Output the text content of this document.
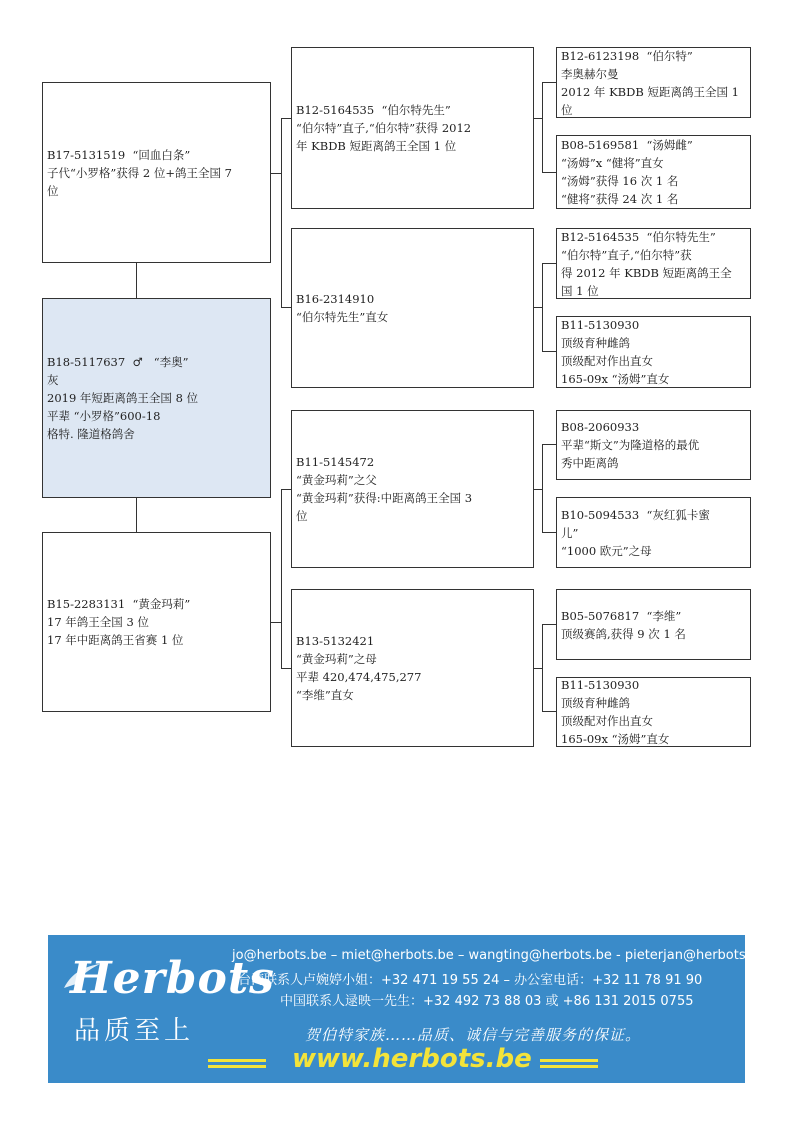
B17-5131519  “回血白条”
子代“小罗格”获得 2 位+鸽王全国 7
位
B18-5117637  ♂   “李奥”
灰
2019 年短距离鸽王全国 8 位
平辈 “小罗格”600-18
格特. 隆道格鸽舍
B15-2283131  “黄金玛莉”
17 年鸽王全国 3 位
17 年中距离鸽王省赛 1 位
B12-5164535  “伯尔特先生”
“伯尔特”直子,“伯尔特”获得 2012
年 KBDB 短距离鸽王全国 1 位
B16-2314910
“伯尔特先生”直女
B11-5145472
“黄金玛莉”之父
“黄金玛莉”获得:中距离鸽王全国 3
位
B13-5132421
“黄金玛莉”之母
平辈 420,474,475,277
“李维”直女
B12-6123198  “伯尔特”
李奥赫尔曼
2012 年 KBDB 短距离鸽王全国 1
位
B08-5169581  “汤姆雌”
“汤姆”x “健将”直女
“汤姆”获得 16 次 1 名
“健将”获得 24 次 1 名
B12-5164535  “伯尔特先生”
“伯尔特”直子,“伯尔特”获
得 2012 年 KBDB 短距离鸽王全
国 1 位
B11-5130930
顶级育种雌鸽
顶级配对作出直女
165-09x “汤姆”直女
B08-2060933
平辈“斯文”为隆道格的最优
秀中距离鸽
B10-5094533  “灰红狐卡蜜
儿”
“1000 欧元”之母
B05-5076817  “李维”
顶级赛鸽,获得 9 次 1 名
B11-5130930
顶级育种雌鸽
顶级配对作出直女
165-09x “汤姆”直女
Herbots
品质至上
jo@herbots.be – miet@herbots.be – wangting@herbots.be - pieterjan@herbots.be
台湾联系人卢婉婷小姐：+32 471 19 55 24 – 办公室电话：+32 11 78 91 90
中国联系人逯映一先生：+32 492 73 88 03 或 +86 131 2015 0755
贺伯特家族……品质、诚信与完善服务的保证。
www.herbots.be
